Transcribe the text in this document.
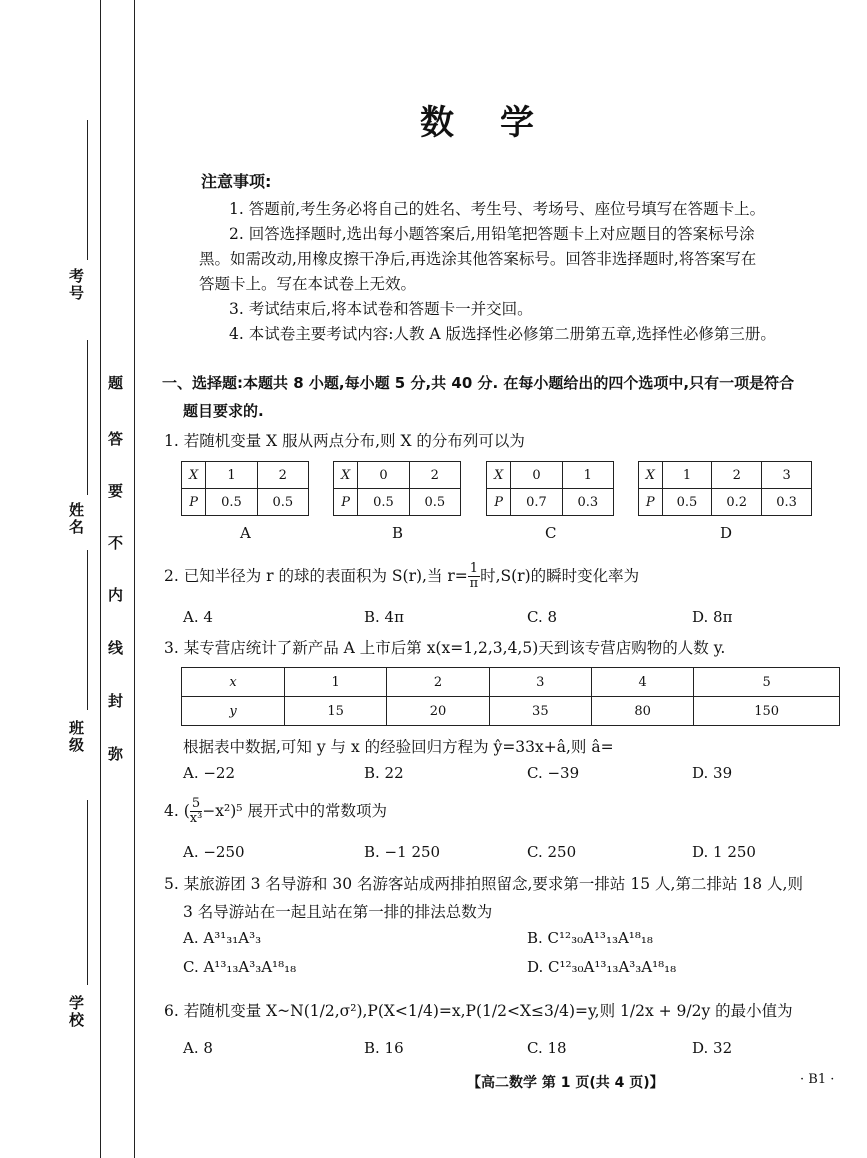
考号
姓名
班级
学校
题
答
要
不
内
线
封
弥
数学
注意事项:
1. 答题前,考生务必将自己的姓名、考生号、考场号、座位号填写在答题卡上。
2. 回答选择题时,选出每小题答案后,用铅笔把答题卡上对应题目的答案标号涂
黑。如需改动,用橡皮擦干净后,再选涂其他答案标号。回答非选择题时,将答案写在
答题卡上。写在本试卷上无效。
3. 考试结束后,将本试卷和答题卡一并交回。
4. 本试卷主要考试内容:人教 A 版选择性必修第二册第五章,选择性必修第三册。
一、选择题:本题共 8 小题,每小题 5 分,共 40 分. 在每小题给出的四个选项中,只有一项是符合
题目要求的.
1. 若随机变量 X 服从两点分布,则 X 的分布列可以为
X	1	2
P	0.5	0.5
A
X	0	2
P	0.5	0.5
B
X	0	1
P	0.7	0.3
C
X	1	2	3
P	0.5	0.2	0.3
D
2. 已知半径为 r 的球的表面积为 S(r),当 $r= \frac{1}{\pi}$ 时,S(r)的瞬时变化率为
A. 4	B. 4π	C. 8	D. 8π
3. 某专营店统计了新产品 A 上市后第 x(x=1,2,3,4,5)天到该专营店购物的人数 y.
x	1	2	3	4	5
y	15	20	35	80	150
根据表中数据,可知 y 与 x 的经验回归方程为 ŷ=33x+â,则 â=
A. −22	B. 22	C. −39	D. 39
4. ( $\frac{5}{\text{x³}} -x^2)^5$ 展开式中的常数项为
A. −250	B. −1 250	C. 250	D. 1 250
5. 某旅游团 3 名导游和 30 名游客站成两排拍照留念,要求第一排站 15 人,第二排站 18 人,则
3 名导游站在一起且站在第一排的排法总数为
A. A³¹₃₁A³₃	B. C¹²₃₀A¹³₁₃A¹⁸₁₈
C. A¹³₁₃A³₃A¹⁸₁₈	D. C¹²₃₀A¹³₁₃A³₃A¹⁸₁₈
6. 若随机变量 X~N(1/2,σ²),P(X<1/4)=x,P(1/2<X≤3/4)=y,则 1/2x + 9/2y 的最小值为
A. 8	B. 16	C. 18	D. 32
【高二数学 第 1 页(共 4 页)】	· B1 ·
